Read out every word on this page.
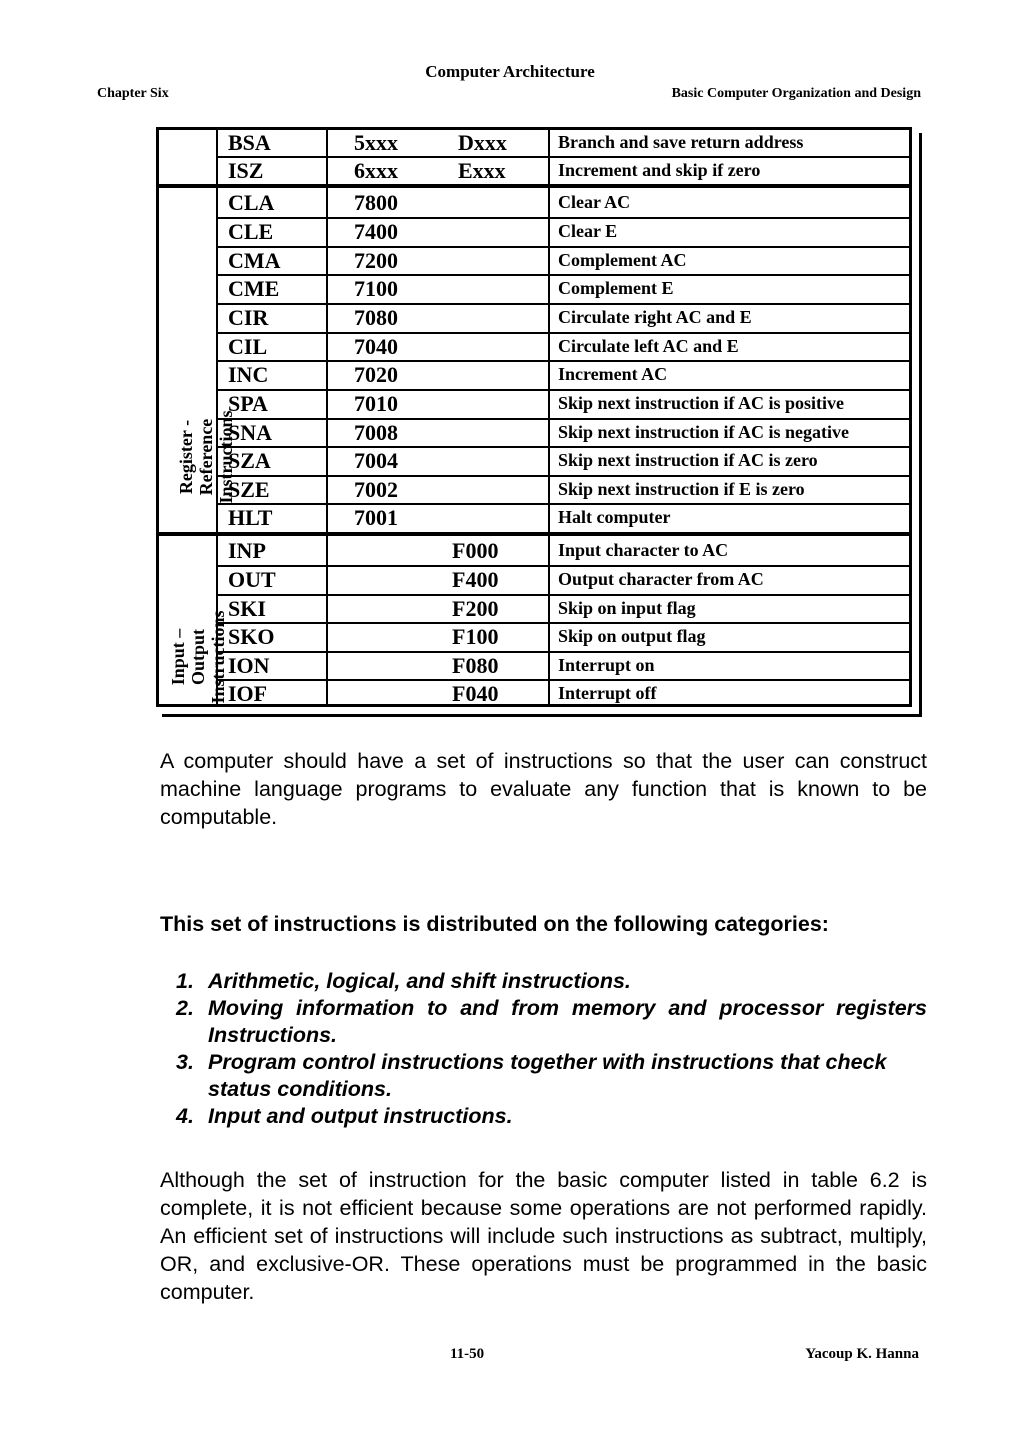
Computer Architecture
Chapter Six	Basic Computer Organization and Design
BSA	5xxx	Dxxx	Branch and save return address
ISZ	6xxx	Exxx	Increment and skip if zero
Register - Reference Instructions
CLA	7800	Clear AC
CLE	7400	Clear E
CMA	7200	Complement AC
CME	7100	Complement E
CIR	7080	Circulate right AC and E
CIL	7040	Circulate left AC and E
INC	7020	Increment AC
SPA	7010	Skip next instruction if AC is positive
SNA	7008	Skip next instruction if AC is negative
SZA	7004	Skip next instruction if AC is zero
SZE	7002	Skip next instruction if E is zero
HLT	7001	Halt computer
Input – Output Instructions
INP	F000	Input character to AC
OUT	F400	Output character from AC
SKI	F200	Skip on input flag
SKO	F100	Skip on output flag
ION	F080	Interrupt on
IOF	F040	Interrupt off
A computer should have a set of instructions so that the user can construct machine language programs to evaluate any function that is known to be computable.
This set of instructions is distributed on the following categories:
1. Arithmetic, logical, and shift instructions.
2. Moving information to and from memory and processor registers Instructions.
3. Program control instructions together with instructions that check status conditions.
4. Input and output instructions.
Although the set of instruction for the basic computer listed in table 6.2 is complete, it is not efficient because some operations are not performed rapidly. An efficient set of instructions will include such instructions as subtract, multiply, OR, and exclusive-OR. These operations must be programmed in the basic computer.
11-50	Yacoup K. Hanna
